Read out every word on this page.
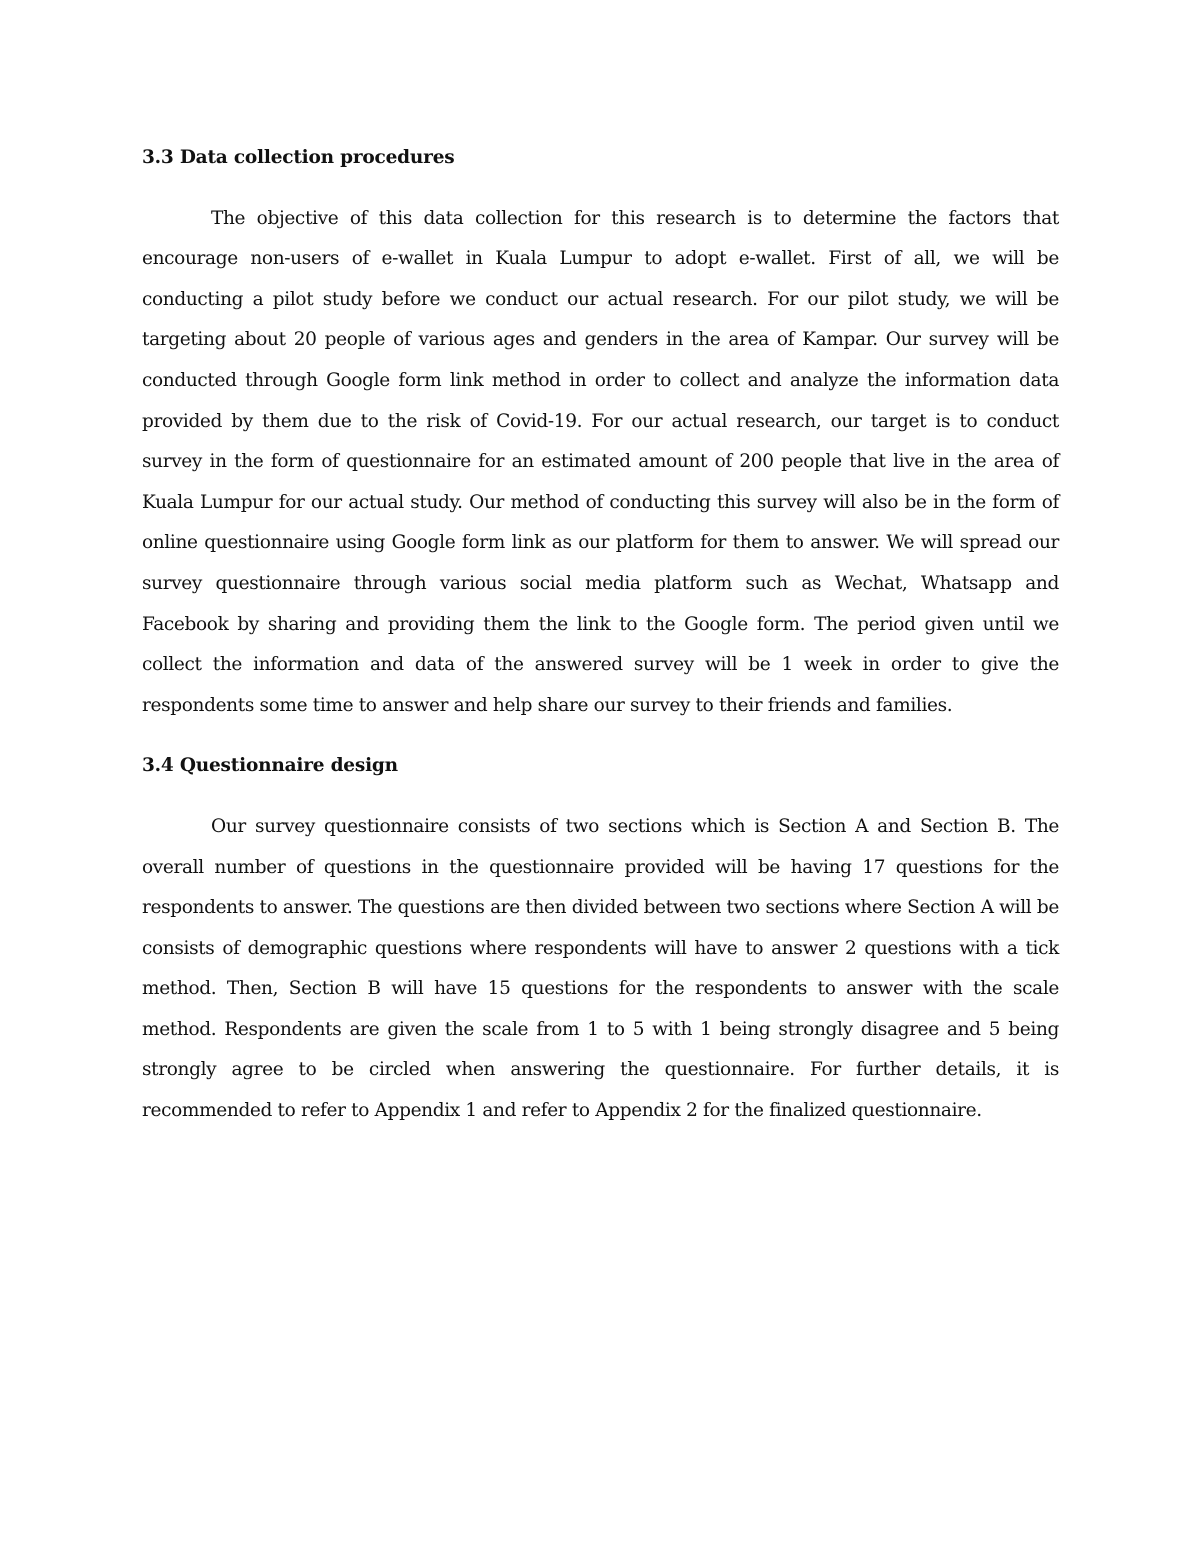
3.3 Data collection procedures

The objective of this data collection for this research is to determine the factors that encourage non-users of e-wallet in Kuala Lumpur to adopt e-wallet. First of all, we will be conducting a pilot study before we conduct our actual research. For our pilot study, we will be targeting about 20 people of various ages and genders in the area of Kampar. Our survey will be conducted through Google form link method in order to collect and analyze the information data provided by them due to the risk of Covid-19. For our actual research, our target is to conduct survey in the form of questionnaire for an estimated amount of 200 people that live in the area of Kuala Lumpur for our actual study. Our method of conducting this survey will also be in the form of online questionnaire using Google form link as our platform for them to answer. We will spread our survey questionnaire through various social media platform such as Wechat, Whatsapp and Facebook by sharing and providing them the link to the Google form. The period given until we collect the information and data of the answered survey will be 1 week in order to give the respondents some time to answer and help share our survey to their friends and families.

3.4 Questionnaire design

Our survey questionnaire consists of two sections which is Section A and Section B. The overall number of questions in the questionnaire provided will be having 17 questions for the respondents to answer. The questions are then divided between two sections where Section A will be consists of demographic questions where respondents will have to answer 2 questions with a tick method. Then, Section B will have 15 questions for the respondents to answer with the scale method. Respondents are given the scale from 1 to 5 with 1 being strongly disagree and 5 being strongly agree to be circled when answering the questionnaire. For further details, it is recommended to refer to Appendix 1 and refer to Appendix 2 for the finalized questionnaire.
